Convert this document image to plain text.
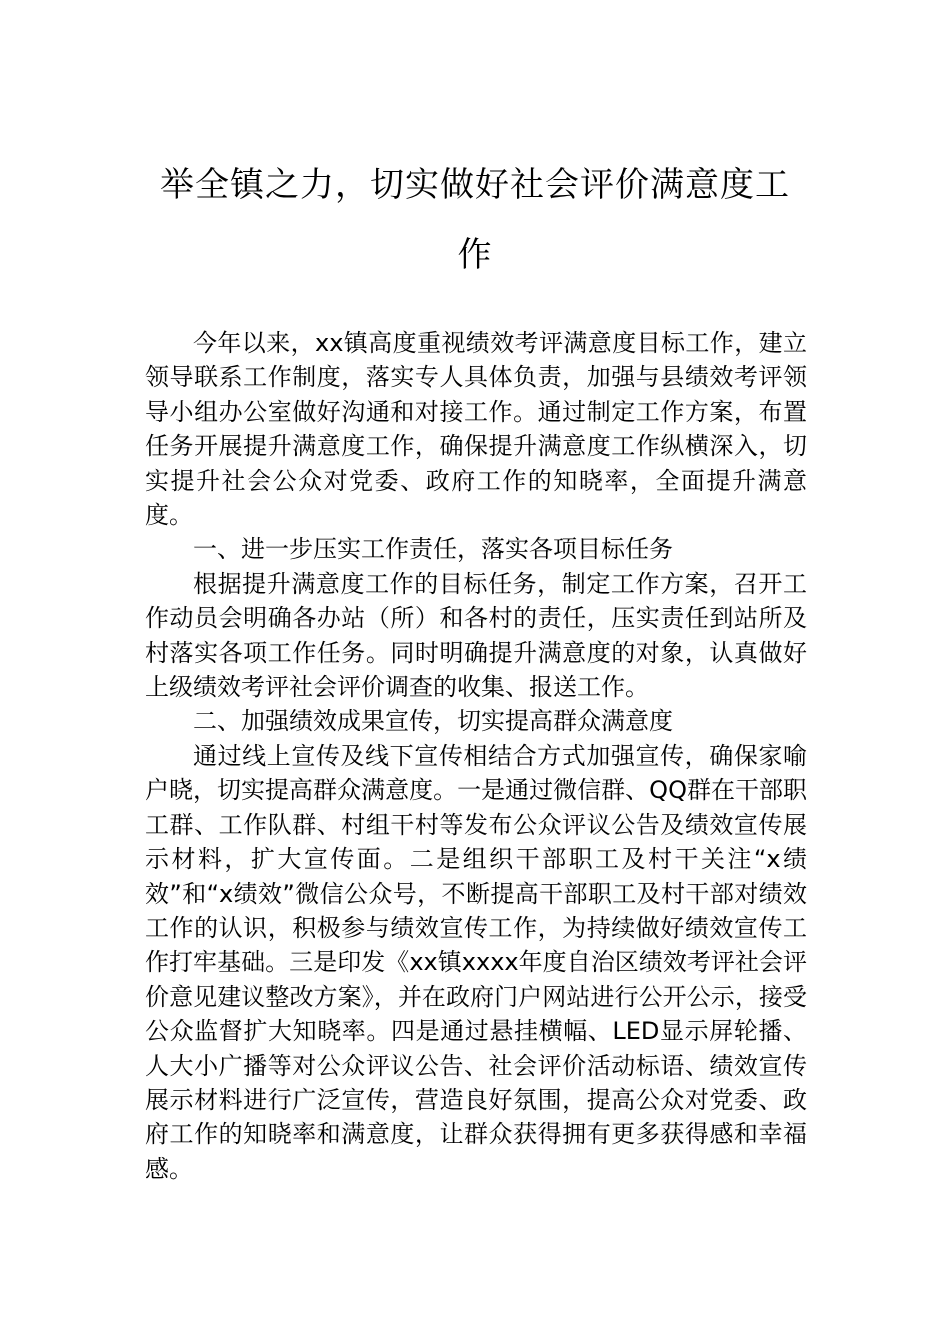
举全镇之力，切实做好社会评价满意度工
作

今年以来，xx镇高度重视绩效考评满意度目标工作，建立领导联系工作制度，落实专人具体负责，加强与县绩效考评领导小组办公室做好沟通和对接工作。通过制定工作方案，布置任务开展提升满意度工作，确保提升满意度工作纵横深入，切实提升社会公众对党委、政府工作的知晓率，全面提升满意度。

一、进一步压实工作责任，落实各项目标任务

根据提升满意度工作的目标任务，制定工作方案，召开工作动员会明确各办站（所）和各村的责任，压实责任到站所及村落实各项工作任务。同时明确提升满意度的对象，认真做好上级绩效考评社会评价调查的收集、报送工作。

二、加强绩效成果宣传，切实提高群众满意度

通过线上宣传及线下宣传相结合方式加强宣传，确保家喻户晓，切实提高群众满意度。一是通过微信群、QQ群在干部职工群、工作队群、村组干村等发布公众评议公告及绩效宣传展示材料，扩大宣传面。二是组织干部职工及村干关注“x绩效”和“x绩效”微信公众号，不断提高干部职工及村干部对绩效工作的认识，积极参与绩效宣传工作，为持续做好绩效宣传工作打牢基础。三是印发《xx镇xxxx年度自治区绩效考评社会评价意见建议整改方案》，并在政府门户网站进行公开公示，接受公众监督扩大知晓率。四是通过悬挂横幅、LED显示屏轮播、人大小广播等对公众评议公告、社会评价活动标语、绩效宣传展示材料进行广泛宣传，营造良好氛围，提高公众对党委、政府工作的知晓率和满意度，让群众获得拥有更多获得感和幸福感。
